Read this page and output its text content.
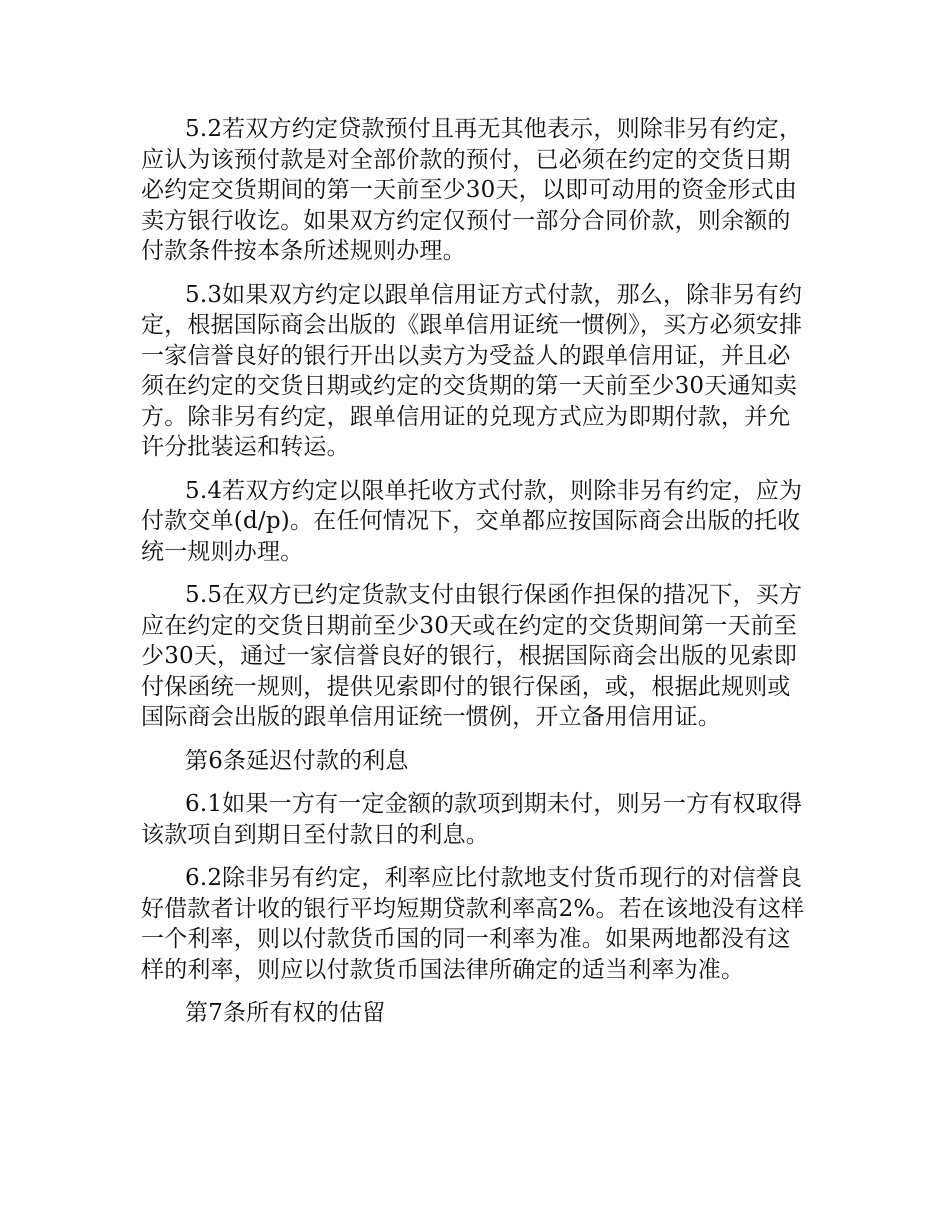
5.2若双方约定贷款预付且再无其他表示，则除非另有约定，应认为该预付款是对全部价款的预付，已必须在约定的交货日期必约定交货期间的第一天前至少30天，以即可动用的资金形式由卖方银行收讫。如果双方约定仅预付一部分合同价款，则余额的付款条件按本条所述规则办理。

5.3如果双方约定以跟单信用证方式付款，那么，除非另有约定，根据国际商会出版的《跟单信用证统一惯例》，买方必须安排一家信誉良好的银行开出以卖方为受益人的跟单信用证，并且必须在约定的交货日期或约定的交货期的第一天前至少30天通知卖方。除非另有约定，跟单信用证的兑现方式应为即期付款，并允许分批装运和转运。

5.4若双方约定以限单托收方式付款，则除非另有约定，应为付款交单(d/p)。在任何情况下，交单都应按国际商会出版的托收统一规则办理。

5.5在双方已约定货款支付由银行保函作担保的措况下，买方应在约定的交货日期前至少30天或在约定的交货期间第一天前至少30天，通过一家信誉良好的银行，根据国际商会出版的见索即付保函统一规则，提供见索即付的银行保函，或，根据此规则或国际商会出版的跟单信用证统一惯例，开立备用信用证。

第6条延迟付款的利息

6.1如果一方有一定金额的款项到期未付，则另一方有权取得该款项自到期日至付款日的利息。

6.2除非另有约定，利率应比付款地支付货币现行的对信誉良好借款者计收的银行平均短期贷款利率高2%。若在该地没有这样一个利率，则以付款货币国的同一利率为准。如果两地都没有这样的利率，则应以付款货币国法律所确定的适当利率为准。

第7条所有权的估留
